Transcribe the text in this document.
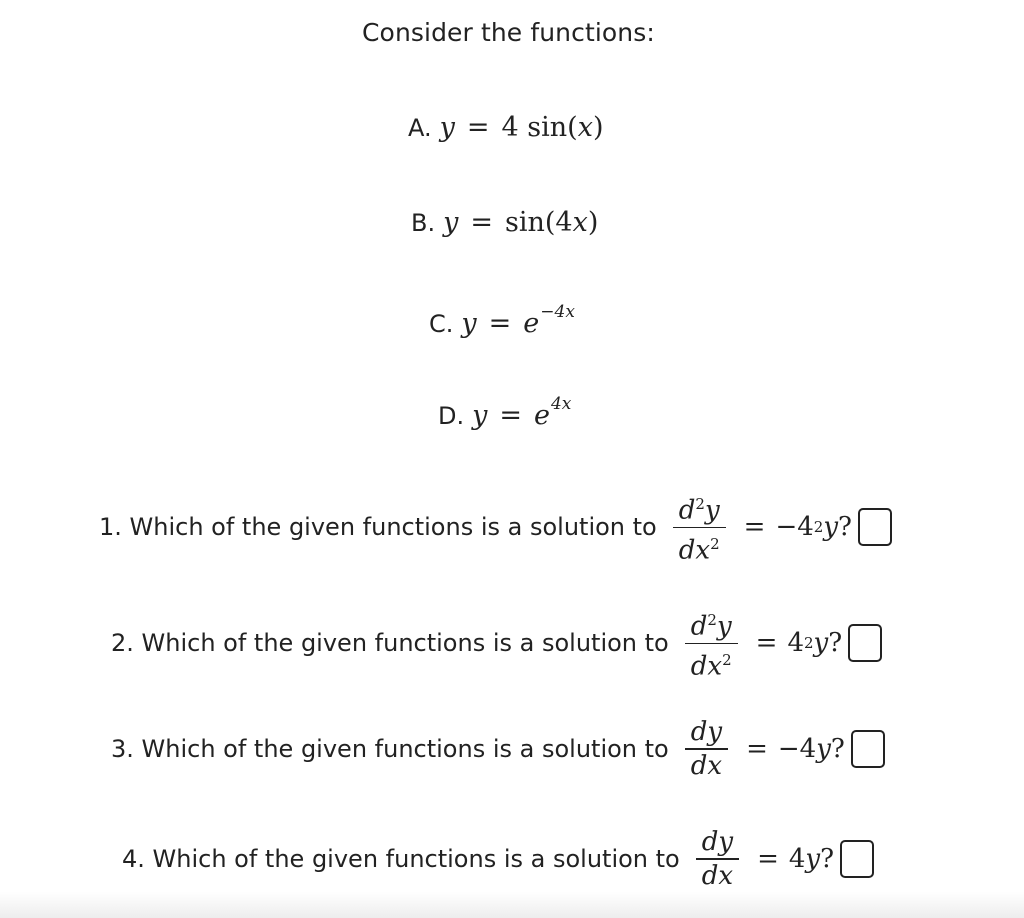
Consider the functions:
A. y = 4 sin(x)
B. y = sin(4x)
C. $y = e^{-4x}$
D. $y = e^{4x}$
1. Which of the given functions is a solution to $\frac{d^2y}{dx^2} = -4$ 2 y ?
2. Which of the given functions is a solution to $\frac{d^2y}{dx^2} = 4$ 2 y ?
3. Which of the given functions is a solution to $\frac{dy}{dx} = -4$ y ?
4. Which of the given functions is a solution to $\frac{dy}{dx} = 4$ y ?
